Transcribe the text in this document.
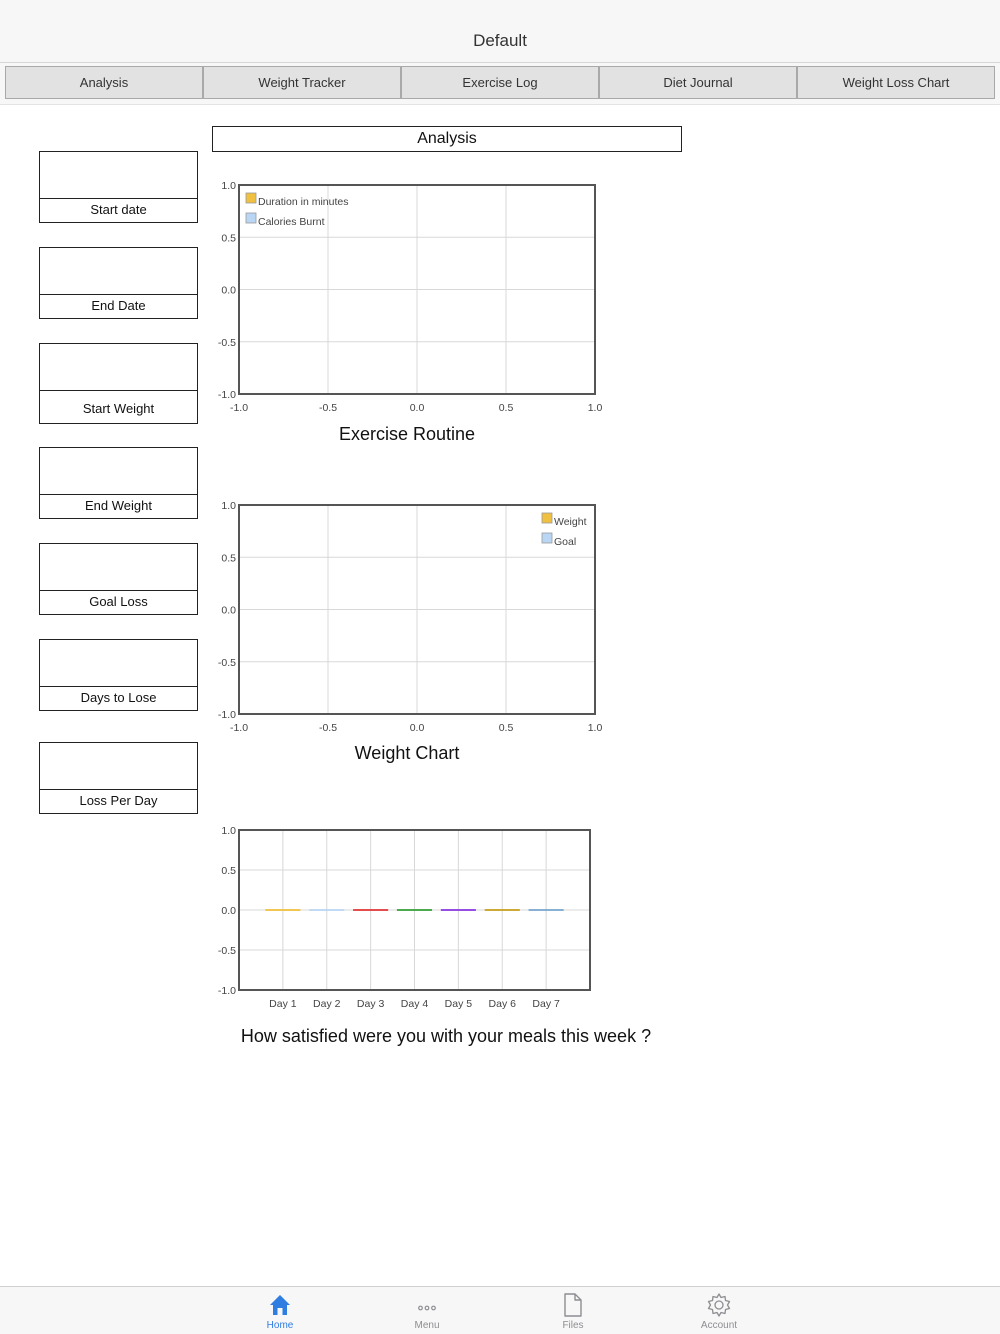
Default
Analysis	Weight Tracker	Exercise Log	Diet Journal	Weight Loss Chart
Start date
End Date
Start Weight
End Weight
Goal Loss
Days to Lose
Loss Per Day
Analysis
-1.0	-0.5	0.0	0.5	1.0
1.0
0.5
0.0
-0.5
-1.0
Duration in minutes
Calories Burnt
Exercise Routine
-1.0	-0.5	0.0	0.5	1.0
1.0
0.5
0.0
-0.5
-1.0
Weight
Goal
Weight Chart
1.0
0.5
0.0
-0.5
-1.0
Day 1 Day 2 Day 3 Day 4 Day 5 Day 6 Day 7
How satisfied were you with your meals this week ?
Home	Menu	Files	Account
